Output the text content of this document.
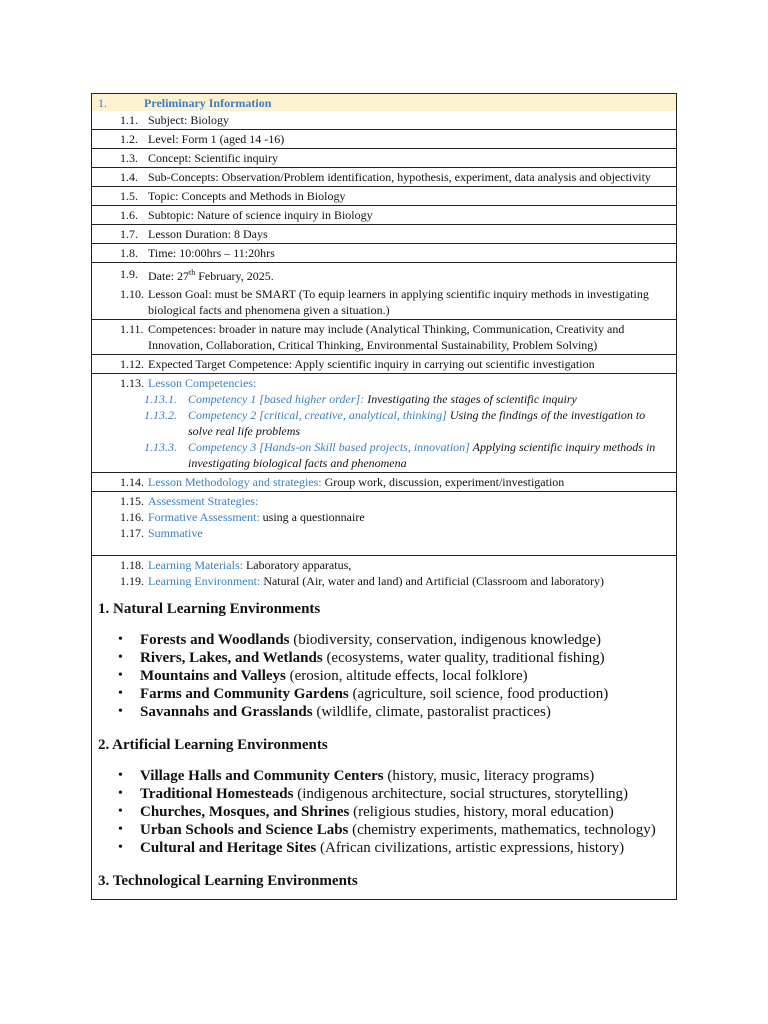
1.	Preliminary Information
1.1. Subject: Biology
1.2. Level: Form 1 (aged 14 -16)
1.3. Concept: Scientific inquiry
1.4. Sub-Concepts: Observation/Problem identification, hypothesis, experiment, data analysis and objectivity
1.5. Topic: Concepts and Methods in Biology
1.6. Subtopic: Nature of science inquiry in Biology
1.7. Lesson Duration: 8 Days
1.8. Time: 10:00hrs – 11:20hrs
1.9. Date: 27th February, 2025.
1.10. Lesson Goal: must be SMART (To equip learners in applying scientific inquiry methods in investigating biological facts and phenomena given a situation.)
1.11. Competences: broader in nature may include (Analytical Thinking, Communication, Creativity and Innovation, Collaboration, Critical Thinking, Environmental Sustainability, Problem Solving)
1.12. Expected Target Competence: Apply scientific inquiry in carrying out scientific investigation
1.13. Lesson Competencies:
1.13.1. Competency 1 [based higher order]: Investigating the stages of scientific inquiry
1.13.2. Competency 2 [critical, creative, analytical, thinking] Using the findings of the investigation to solve real life problems
1.13.3. Competency 3 [Hands-on Skill based projects, innovation] Applying scientific inquiry methods in investigating biological facts and phenomena
1.14. Lesson Methodology and strategies: Group work, discussion, experiment/investigation
1.15. Assessment Strategies:
1.16. Formative Assessment: using a questionnaire
1.17. Summative
1.18. Learning Materials: Laboratory apparatus,
1.19. Learning Environment: Natural (Air, water and land) and Artificial (Classroom and laboratory)
1. Natural Learning Environments
• Forests and Woodlands (biodiversity, conservation, indigenous knowledge)
• Rivers, Lakes, and Wetlands (ecosystems, water quality, traditional fishing)
• Mountains and Valleys (erosion, altitude effects, local folklore)
• Farms and Community Gardens (agriculture, soil science, food production)
• Savannahs and Grasslands (wildlife, climate, pastoralist practices)
2. Artificial Learning Environments
• Village Halls and Community Centers (history, music, literacy programs)
• Traditional Homesteads (indigenous architecture, social structures, storytelling)
• Churches, Mosques, and Shrines (religious studies, history, moral education)
• Urban Schools and Science Labs (chemistry experiments, mathematics, technology)
• Cultural and Heritage Sites (African civilizations, artistic expressions, history)
3. Technological Learning Environments
